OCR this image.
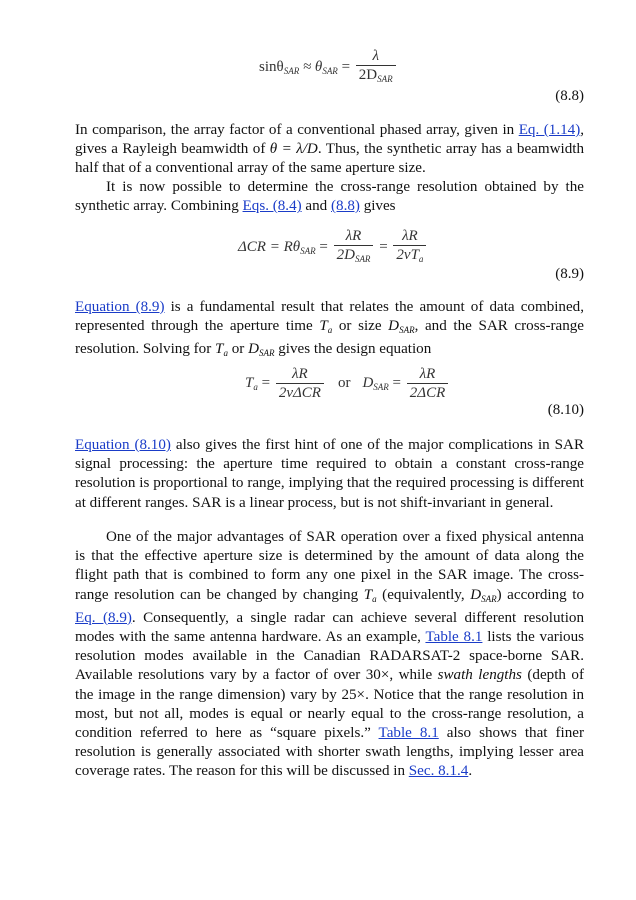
$\sin\theta_{SAR} \approx \theta_{SAR} = \frac{\lambda}{2D_{SAR}}$
(8.8)

In comparison, the array factor of a conventional phased array, given in Eq. (1.14), gives a Rayleigh beamwidth of θ = λ/D. Thus, the synthetic array has a beamwidth half that of a conventional array of the same aperture size.

It is now possible to determine the cross-range resolution obtained by the synthetic array. Combining Eqs. (8.4) and (8.8) gives

$\Delta CR = R\theta_{SAR} = \frac{\lambda R}{2D_{SAR}} = \frac{\lambda R}{2vT_a}$
(8.9)

Equation (8.9) is a fundamental result that relates the amount of data combined, represented through the aperture time $T_a$ or size $D_{SAR}$, and the SAR cross-range resolution. Solving for $T_a$ or $D_{SAR}$ gives the design equation

$T_a = \frac{\lambda R}{\text{2vΔCR}}$ or $D_{SAR} = \frac{\lambda R}{\text{2ΔCR}}$
(8.10)

Equation (8.10) also gives the first hint of one of the major complications in SAR signal processing: the aperture time required to obtain a constant cross-range resolution is proportional to range, implying that the required processing is different at different ranges. SAR is a linear process, but is not shift-invariant in general.

One of the major advantages of SAR operation over a fixed physical antenna is that the effective aperture size is determined by the amount of data along the flight path that is combined to form any one pixel in the SAR image. The cross-range resolution can be changed by changing $T_a$ (equivalently, $D_{SAR}$) according to Eq. (8.9). Consequently, a single radar can achieve several different resolution modes with the same antenna hardware. As an example, Table 8.1 lists the various resolution modes available in the Canadian RADARSAT-2 space-borne SAR. Available resolutions vary by a factor of over 30×, while swath lengths (depth of the image in the range dimension) vary by 25×. Notice that the range resolution in most, but not all, modes is equal or nearly equal to the cross-range resolution, a condition referred to here as “square pixels.” Table 8.1 also shows that finer resolution is generally associated with shorter swath lengths, implying lesser area coverage rates. The reason for this will be discussed in Sec. 8.1.4.
